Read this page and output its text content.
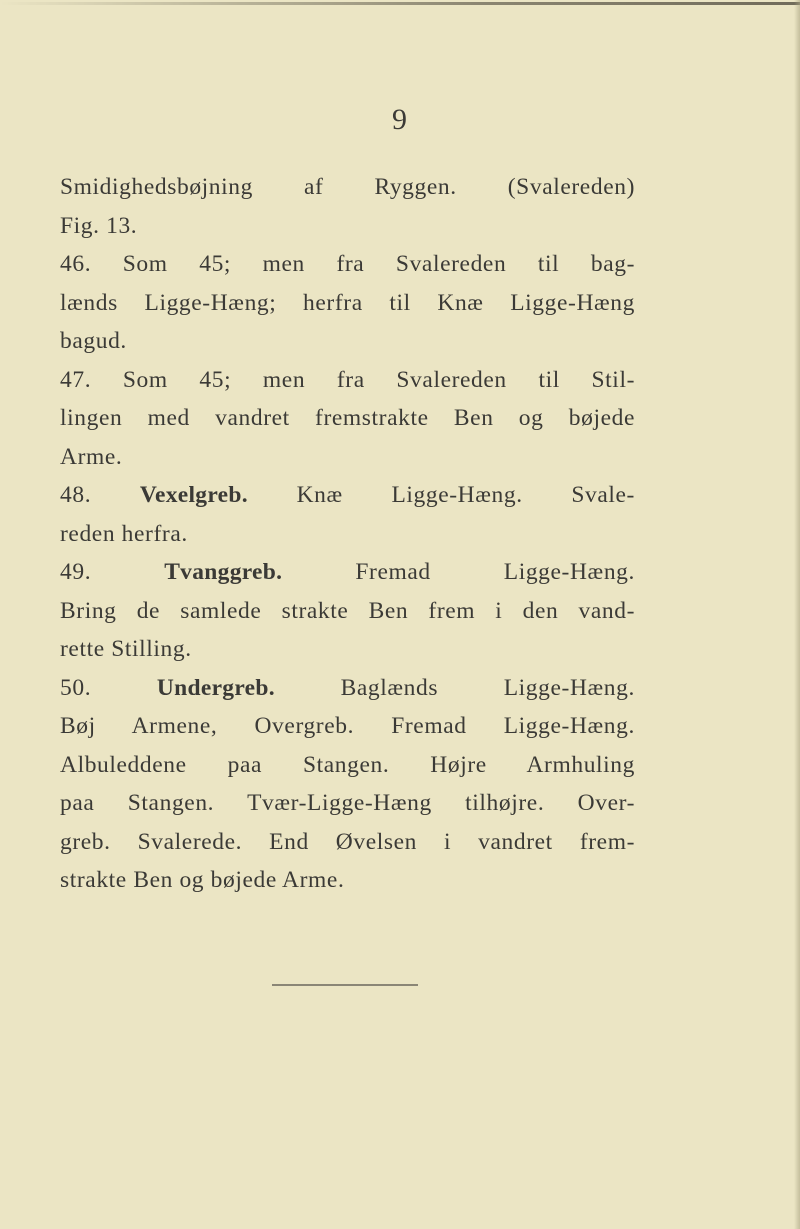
9
Smidighedsbøjning af Ryggen. (Svalereden)
Fig. 13.
46. Som 45; men fra Svalereden til bag-
lænds Ligge-Hæng; herfra til Knæ Ligge-Hæng
bagud.
47. Som 45; men fra Svalereden til Stil-
lingen med vandret fremstrakte Ben og bøjede
Arme.
48. Vexelgreb. Knæ Ligge-Hæng. Svale-
reden herfra.
49.	Tvanggreb.	Fremad Ligge-Hæng.
Bring de samlede strakte Ben frem i den vand-
rette Stilling.
50.	Undergreb.	Baglænds Ligge-Hæng.
Bøj Armene, Overgreb. Fremad Ligge-Hæng.
Albuleddene paa Stangen. Højre Armhuling
paa Stangen. Tvær-Ligge-Hæng tilhøjre. Over-
greb. Svalerede. End Øvelsen i vandret frem-
strakte Ben og bøjede Arme.
